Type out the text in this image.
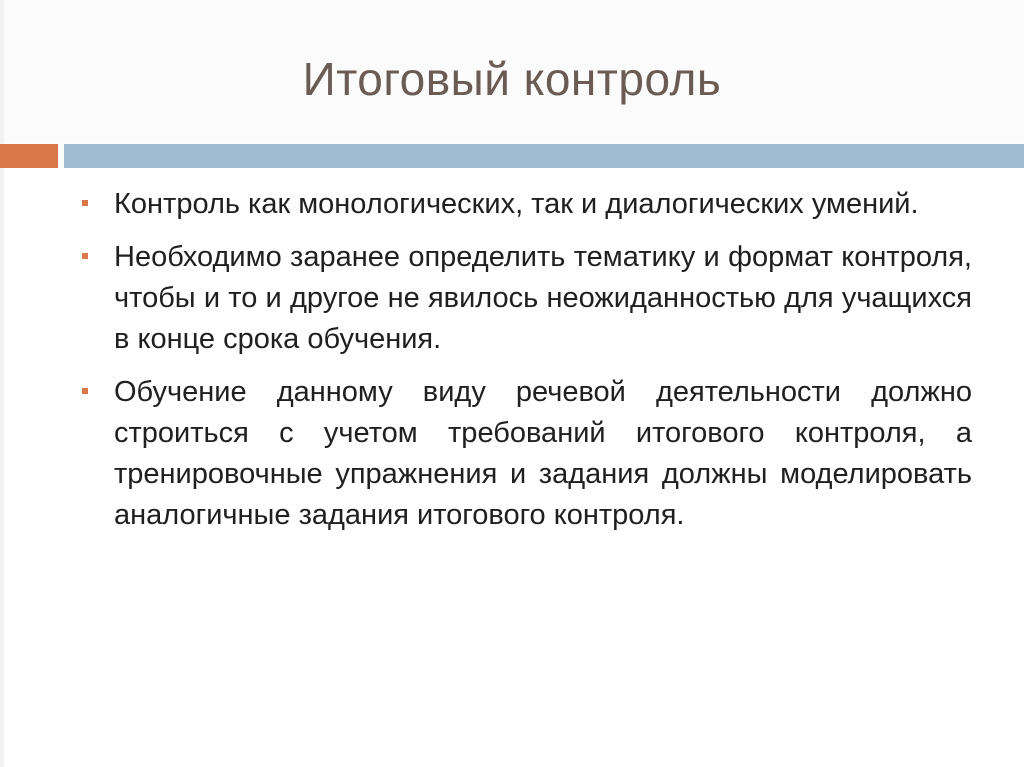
Итоговый контроль
Контроль как монологических, так и диалогических умений.
Необходимо заранее определить тематику и формат контроля, чтобы и то и другое не явилось неожиданностью для учащихся в конце срока обучения.
Обучение данному виду речевой деятельности должно строиться с учетом требований итогового контроля, а тренировочные упражнения и задания должны моделировать аналогичные задания итогового контроля.
